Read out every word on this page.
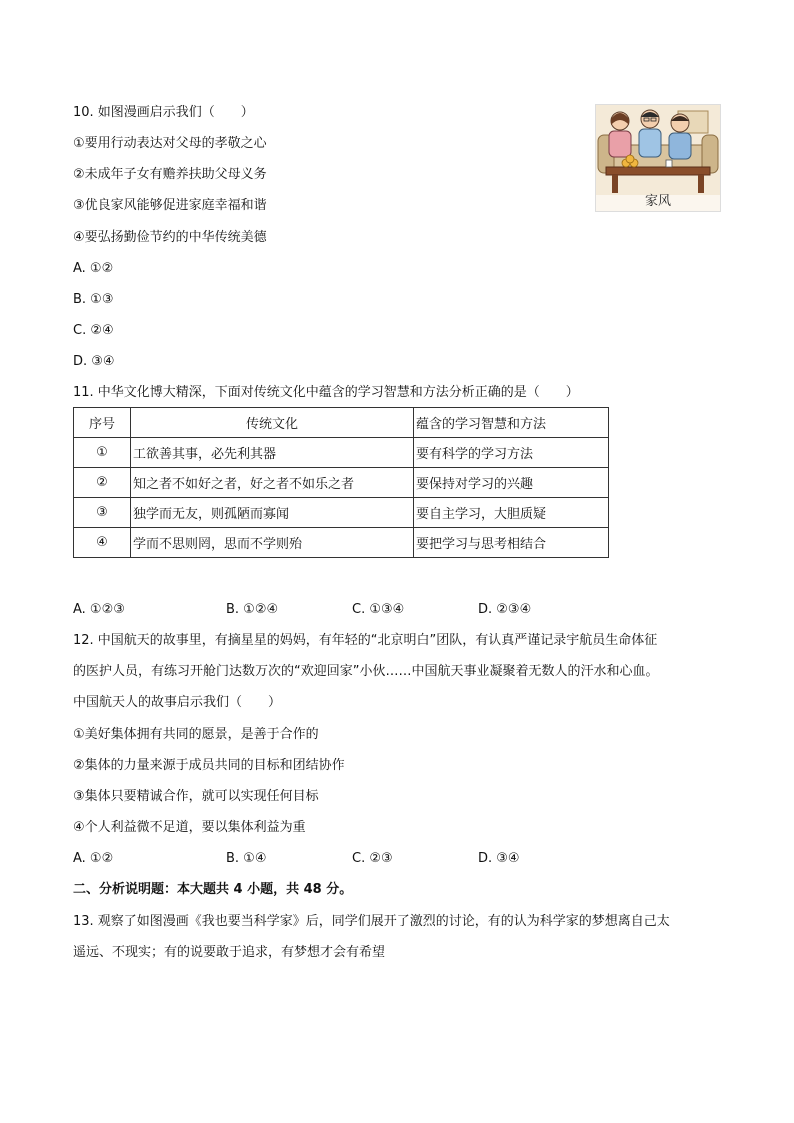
10. 如图漫画启示我们（　　）
①要用行动表达对父母的孝敬之心
②未成年子女有赡养扶助父母义务
③优良家风能够促进家庭幸福和谐
④要弘扬勤俭节约的中华传统美德
A. ①②
B. ①③
C. ②④
D. ③④
家风
11. 中华文化博大精深，下面对传统文化中蕴含的学习智慧和方法分析正确的是（　　）
序号	传统文化	蕴含的学习智慧和方法
①	工欲善其事，必先利其器	要有科学的学习方法
②	知之者不如好之者，好之者不如乐之者	要保持对学习的兴趣
③	独学而无友，则孤陋而寡闻	要自主学习，大胆质疑
④	学而不思则罔，思而不学则殆	要把学习与思考相结合
A. ①②③	B. ①②④	C. ①③④	D. ②③④
12. 中国航天的故事里，有摘星星的妈妈，有年轻的“北京明白”团队，有认真严谨记录宇航员生命体征
的医护人员，有练习开舱门达数万次的“欢迎回家”小伙……中国航天事业凝聚着无数人的汗水和心血。
中国航天人的故事启示我们（　　）
①美好集体拥有共同的愿景，是善于合作的
②集体的力量来源于成员共同的目标和团结协作
③集体只要精诚合作，就可以实现任何目标
④个人利益微不足道，要以集体利益为重
A. ①②	B. ①④	C. ②③	D. ③④
二、分析说明题：本大题共 4 小题，共 48 分。
13. 观察了如图漫画《我也要当科学家》后，同学们展开了激烈的讨论，有的认为科学家的梦想离自己太
遥远、不现实；有的说要敢于追求，有梦想才会有希望
